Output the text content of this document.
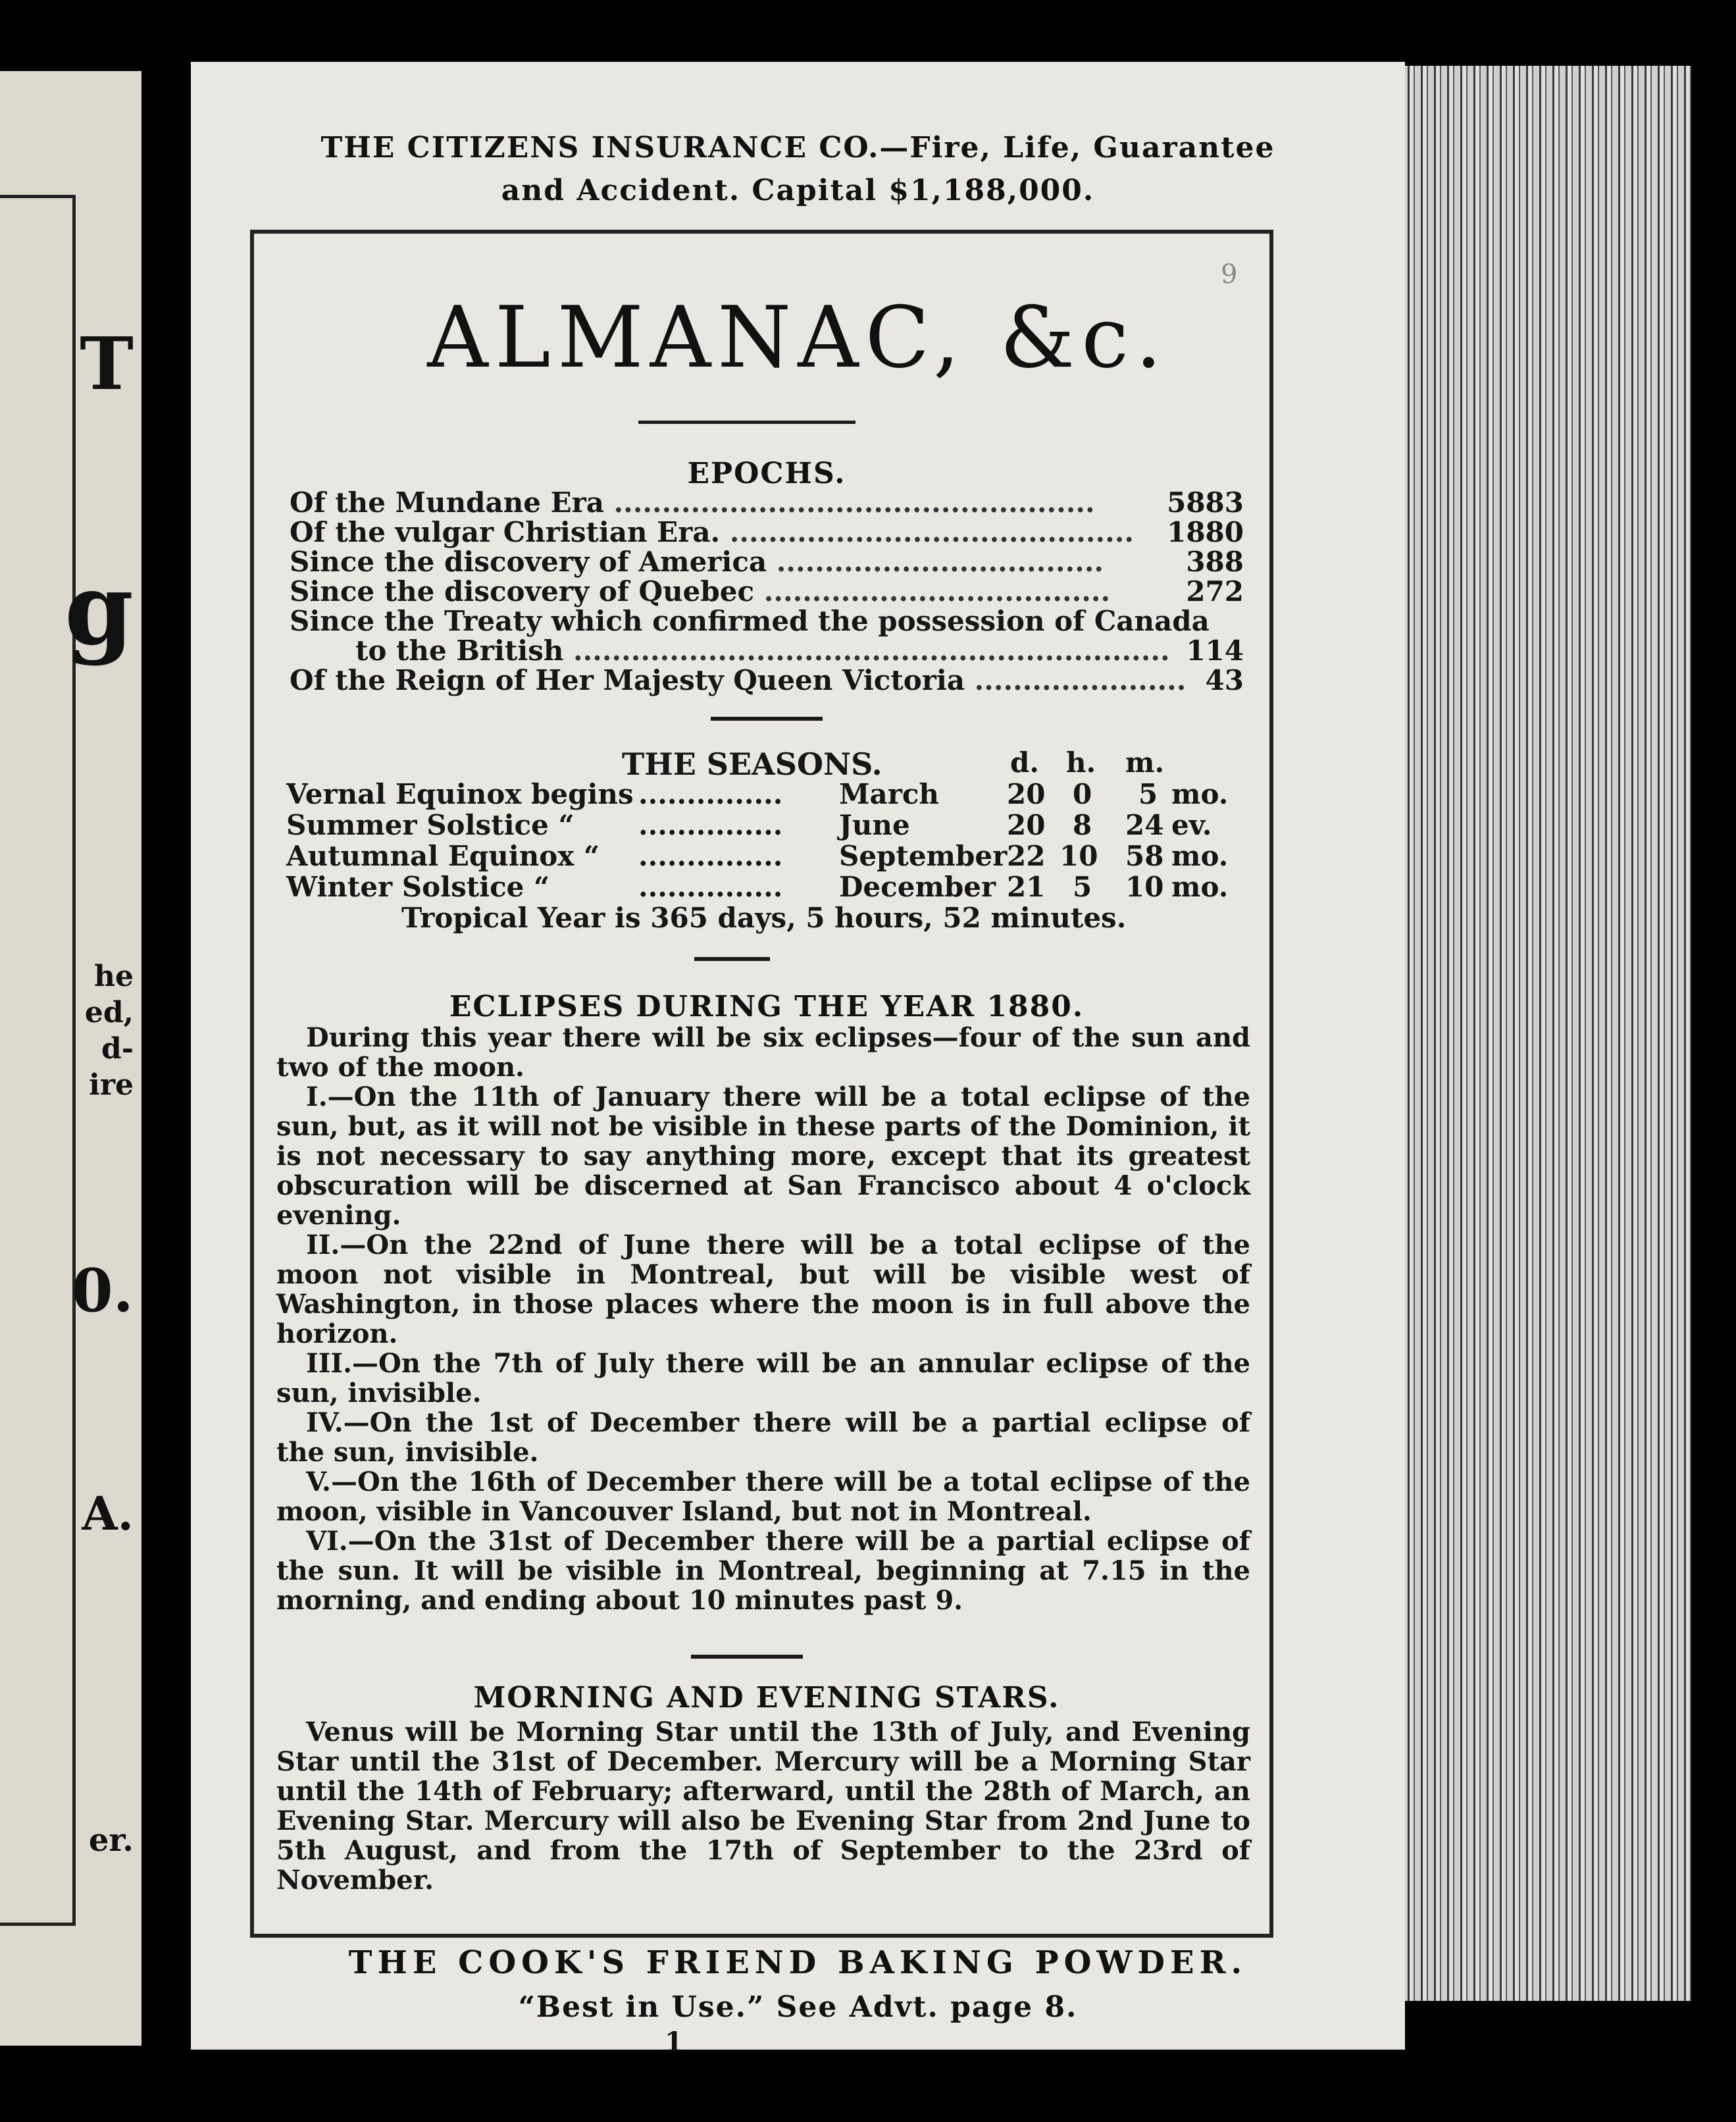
T
g
he
ed,
d-
ire
0.
A.
er.
THE CITIZENS INSURANCE CO.—Fire, Life, Guarantee
and Accident. Capital $1,188,000.
9
ALMANAC, &c.
EPOCHS.
Of the Mundane Era ..................................................	5883
Of the vulgar Christian Era. ..........................................	1880
Since the discovery of America ..................................	388
Since the discovery of Quebec ....................................	272
Since the Treaty which confirmed the possession of Canada
to the British .............................................................. 114
Of the Reign of Her Majesty Queen Victoria ...................... 43
THE SEASONS.	d. h. m.
Vernal Equinox begins ............... March 20 0 5 mo.
Summer Solstice “ ............... June	20 8 24 ev.
Autumnal Equinox “ ............... September 22 10 58 mo.
Winter Solstice “	............... December 21 5 10 mo.
Tropical Year is 365 days, 5 hours, 52 minutes.
ECLIPSES DURING THE YEAR 1880.

During this year there will be six eclipses—four of the sun and two of the moon.

I.—On the 11th of January there will be a total eclipse of the sun, but, as it will not be visible in these parts of the Dominion, it is not necessary to say anything more, except that its greatest obscuration will be discerned at San Francisco about 4 o'clock evening.

II.—On the 22nd of June there will be a total eclipse of the moon not visible in Montreal, but will be visible west of Washington, in those places where the moon is in full above the horizon.

III.—On the 7th of July there will be an annular eclipse of the sun, invisible.

IV.—On the 1st of December there will be a partial eclipse of the sun, invisible.

V.—On the 16th of December there will be a total eclipse of the moon, visible in Vancouver Island, but not in Montreal.

VI.—On the 31st of December there will be a partial eclipse of the sun. It will be visible in Montreal, beginning at 7.15 in the morning, and ending about 10 minutes past 9.

MORNING AND EVENING STARS.

Venus will be Morning Star until the 13th of July, and Evening Star until the 31st of December. Mercury will be a Morning Star until the 14th of February; afterward, until the 28th of March, an Evening Star. Mercury will also be Evening Star from 2nd June to 5th August, and from the 17th of September to the 23rd of November.

THE COOK'S FRIEND BAKING POWDER.
“Best in Use.” See Advt. page 8.
1
